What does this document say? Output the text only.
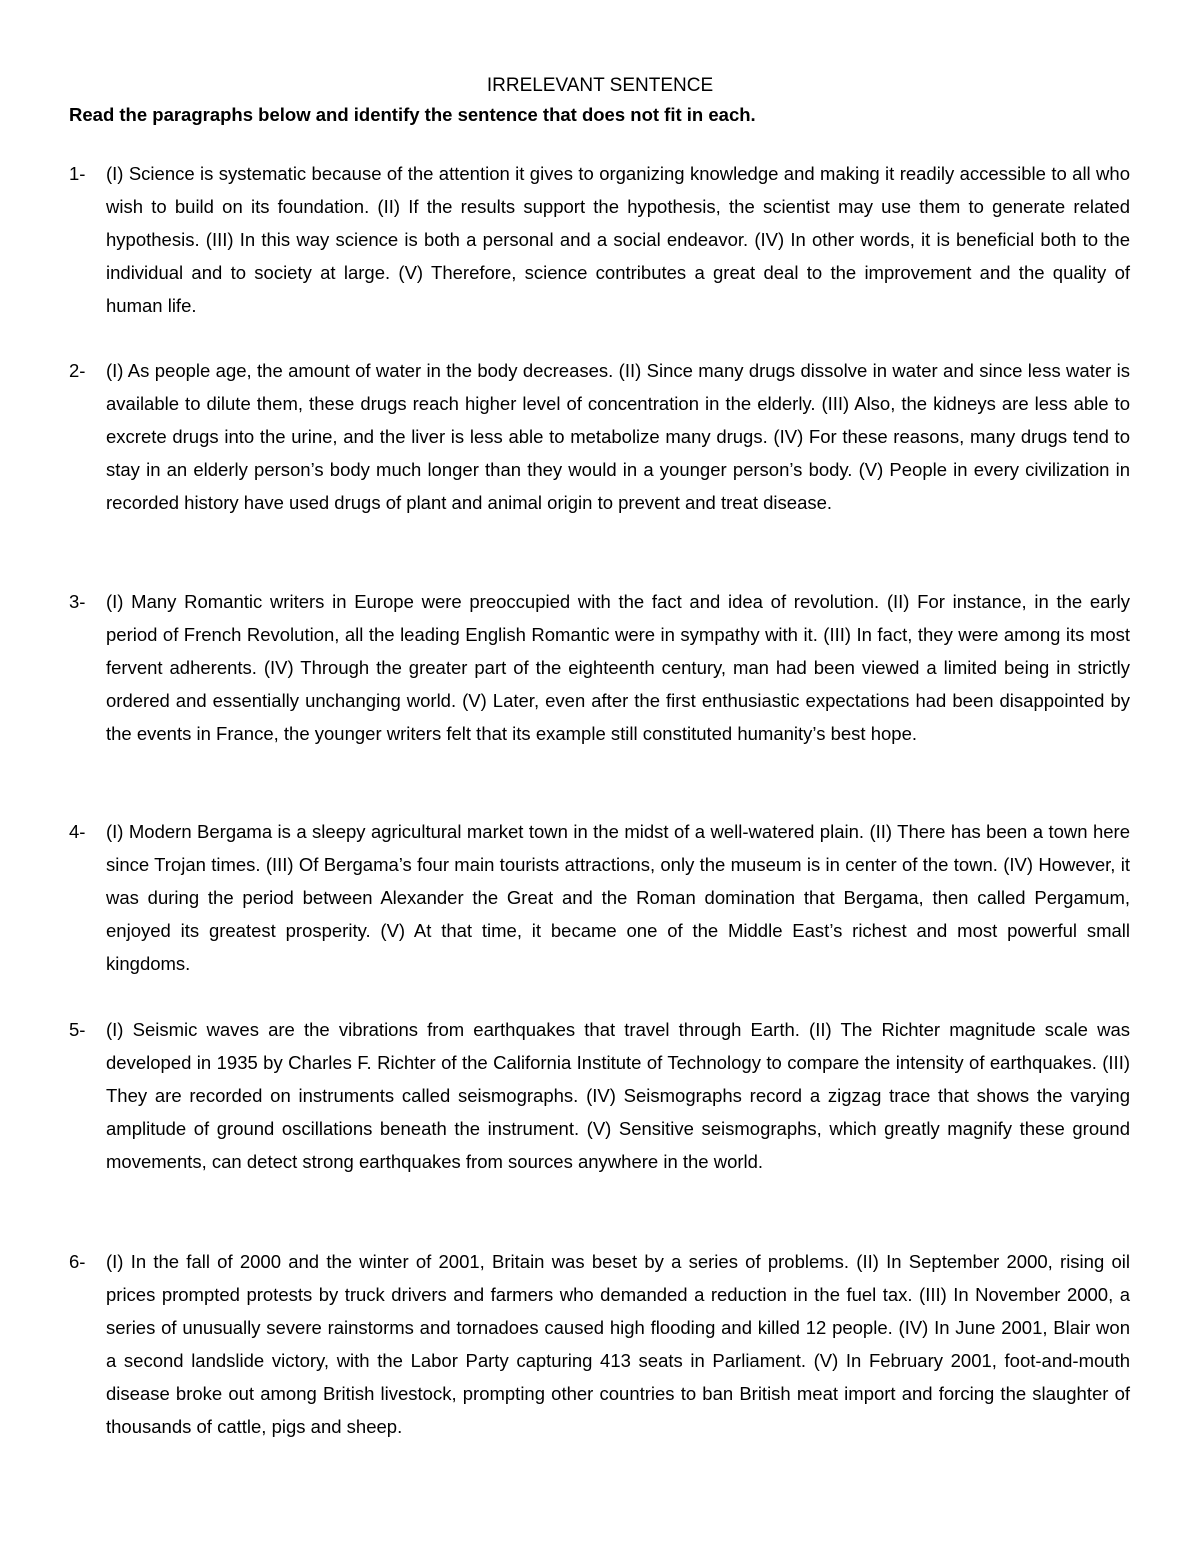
IRRELEVANT SENTENCE
Read the paragraphs below and identify the sentence that does not fit in each.
1- (I) Science is systematic because of the attention it gives to organizing knowledge and making it readily accessible to all who wish to build on its foundation. (II) If the results support the hypothesis, the scientist may use them to generate related hypothesis. (III) In this way science is both a personal and a social endeavor. (IV) In other words, it is beneficial both to the individual and to society at large. (V) Therefore, science contributes a great deal to the improvement and the quality of human life.

2- (I) As people age, the amount of water in the body decreases. (II) Since many drugs dissolve in water and since less water is available to dilute them, these drugs reach higher level of concentration in the elderly. (III) Also, the kidneys are less able to excrete drugs into the urine, and the liver is less able to metabolize many drugs. (IV) For these reasons, many drugs tend to stay in an elderly person’s body much longer than they would in a younger person’s body. (V) People in every civilization in recorded history have used drugs of plant and animal origin to prevent and treat disease.

3- (I) Many Romantic writers in Europe were preoccupied with the fact and idea of revolution. (II) For instance, in the early period of French Revolution, all the leading English Romantic were in sympathy with it. (III) In fact, they were among its most fervent adherents. (IV) Through the greater part of the eighteenth century, man had been viewed a limited being in strictly ordered and essentially unchanging world. (V) Later, even after the first enthusiastic expectations had been disappointed by the events in France, the younger writers felt that its example still constituted humanity’s best hope.

4- (I) Modern Bergama is a sleepy agricultural market town in the midst of a well-watered plain. (II) There has been a town here since Trojan times. (III) Of Bergama’s four main tourists attractions, only the museum is in center of the town. (IV) However, it was during the period between Alexander the Great and the Roman domination that Bergama, then called Pergamum, enjoyed its greatest prosperity. (V) At that time, it became one of the Middle East’s richest and most powerful small kingdoms.

5- (I) Seismic waves are the vibrations from earthquakes that travel through Earth. (II) The Richter magnitude scale was developed in 1935 by Charles F. Richter of the California Institute of Technology to compare the intensity of earthquakes. (III) They are recorded on instruments called seismographs. (IV) Seismographs record a zigzag trace that shows the varying amplitude of ground oscillations beneath the instrument. (V) Sensitive seismographs, which greatly magnify these ground movements, can detect strong earthquakes from sources anywhere in the world.

6- (I) In the fall of 2000 and the winter of 2001, Britain was beset by a series of problems. (II) In September 2000, rising oil prices prompted protests by truck drivers and farmers who demanded a reduction in the fuel tax. (III) In November 2000, a series of unusually severe rainstorms and tornadoes caused high flooding and killed 12 people. (IV) In June 2001, Blair won a second landslide victory, with the Labor Party capturing 413 seats in Parliament. (V) In February 2001, foot-and-mouth disease broke out among British livestock, prompting other countries to ban British meat import and forcing the slaughter of thousands of cattle, pigs and sheep.
